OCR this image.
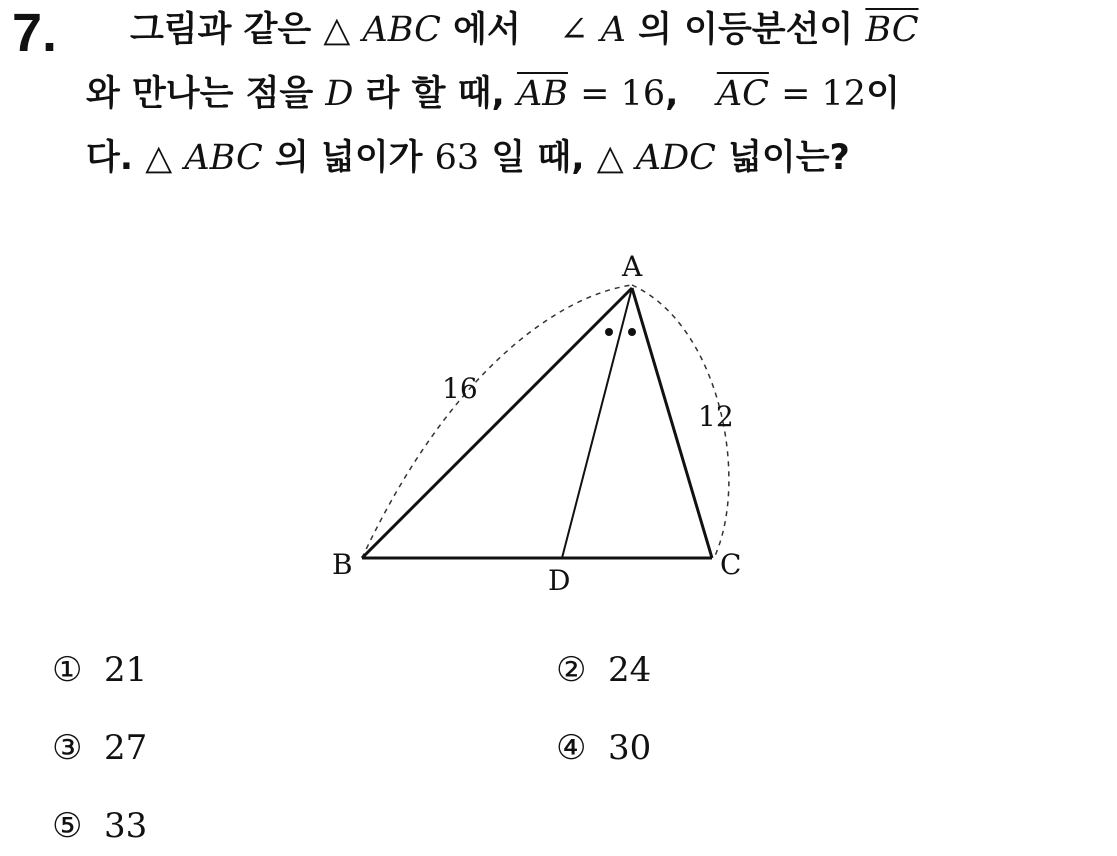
7. 그림과 같은 △ ABC 에서  ∠ A 의 이등분선이 $\overline{BC}$
와 만나는 점을 D 라 할 때, $\overline{AB} = 16$, $\overline{AC} = 12$이
다. △ ABC 의 넓이가 63 일 때, △ ADC 넓이는?
A
B	C
D
16
12
① 21	② 24
③ 27	④ 30
⑤ 33
